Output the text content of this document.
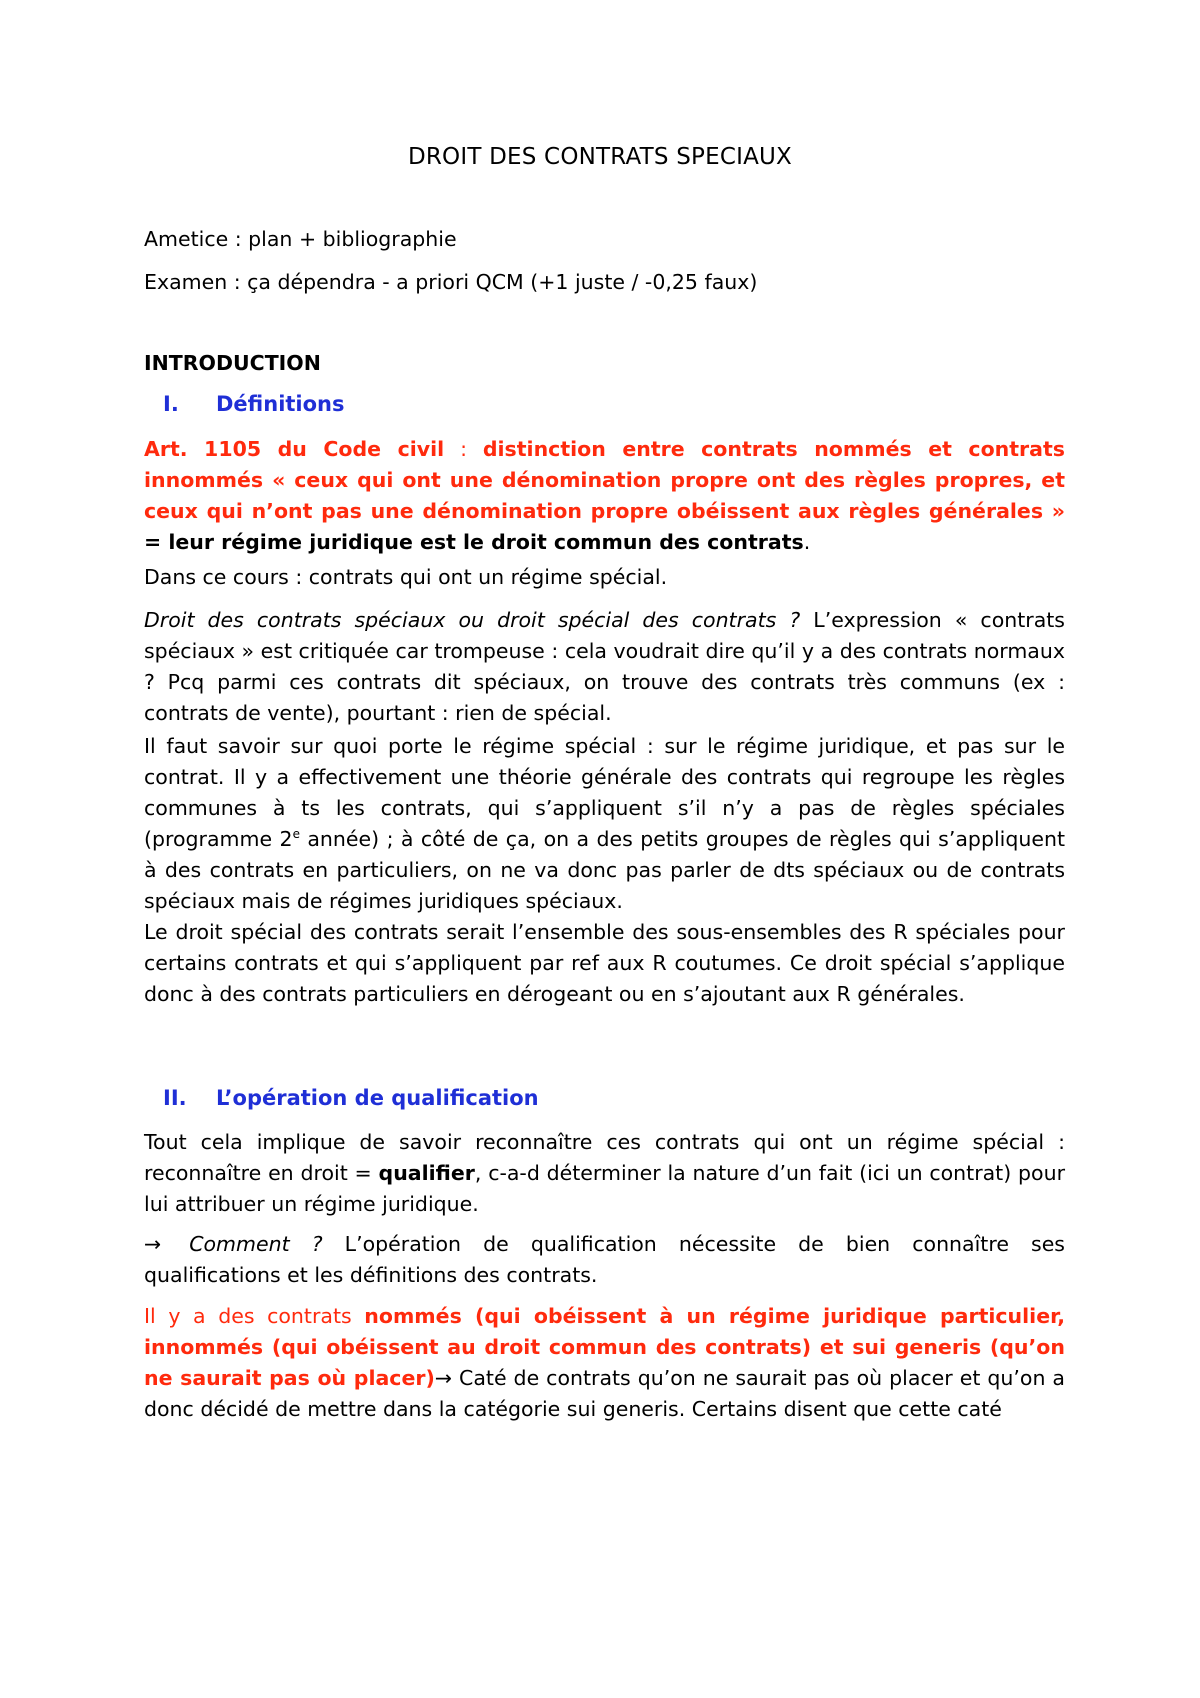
DROIT DES CONTRATS SPECIAUX
Ametice : plan + bibliographie
Examen : ça dépendra - a priori QCM (+1 juste / -0,25 faux)
INTRODUCTION
I. Définitions
Art. 1105 du Code civil : distinction entre contrats nommés et contrats innommés « ceux qui ont une dénomination propre ont des règles propres, et ceux qui n’ont pas une dénomination propre obéissent aux règles générales » = leur régime juridique est le droit commun des contrats.
Dans ce cours : contrats qui ont un régime spécial.
Droit des contrats spéciaux ou droit spécial des contrats ? L’expression « contrats spéciaux » est critiquée car trompeuse : cela voudrait dire qu’il y a des contrats normaux ? Pcq parmi ces contrats dit spéciaux, on trouve des contrats très communs (ex : contrats de vente), pourtant : rien de spécial.
Il faut savoir sur quoi porte le régime spécial : sur le régime juridique, et pas sur le contrat. Il y a effectivement une théorie générale des contrats qui regroupe les règles communes à ts les contrats, qui s’appliquent s’il n’y a pas de règles spéciales (programme 2e année) ; à côté de ça, on a des petits groupes de règles qui s’appliquent à des contrats en particuliers, on ne va donc pas parler de dts spéciaux ou de contrats spéciaux mais de régimes juridiques spéciaux.
Le droit spécial des contrats serait l’ensemble des sous-ensembles des R spéciales pour certains contrats et qui s’appliquent par ref aux R coutumes. Ce droit spécial s’applique donc à des contrats particuliers en dérogeant ou en s’ajoutant aux R générales.
II. L’opération de qualification
Tout cela implique de savoir reconnaître ces contrats qui ont un régime spécial : reconnaître en droit = qualifier, c-a-d déterminer la nature d’un fait (ici un contrat) pour lui attribuer un régime juridique.
→ Comment ? L’opération de qualification nécessite de bien connaître ses qualifications et les définitions des contrats.
Il y a des contrats nommés (qui obéissent à un régime juridique particulier, innommés (qui obéissent au droit commun des contrats) et sui generis (qu’on ne saurait pas où placer)→ Caté de contrats qu’on ne saurait pas où placer et qu’on a donc décidé de mettre dans la catégorie sui generis. Certains disent que cette caté
